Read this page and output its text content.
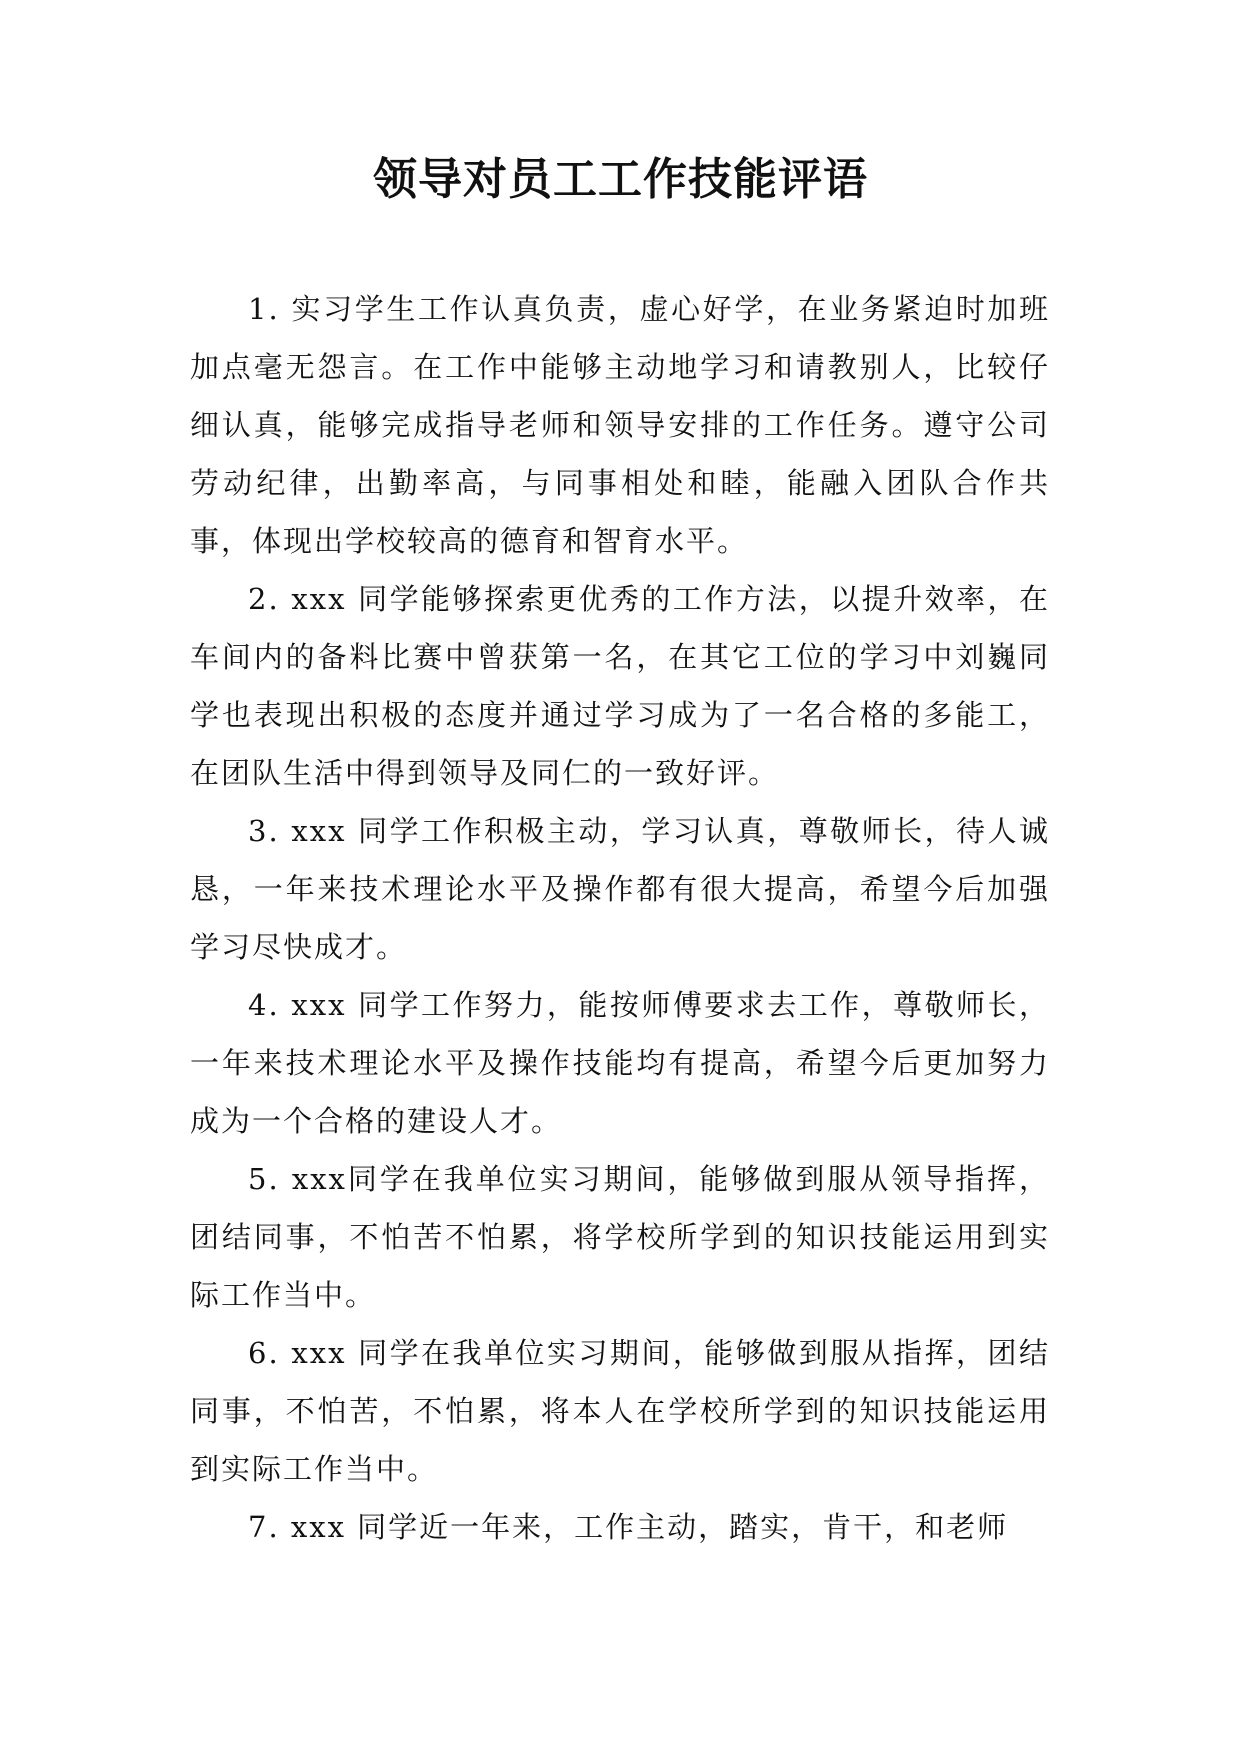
领导对员工工作技能评语

1. 实习学生工作认真负责，虚心好学，在业务紧迫时加班加点毫无怨言。在工作中能够主动地学习和请教别人，比较仔细认真，能够完成指导老师和领导安排的工作任务。遵守公司劳动纪律，出勤率高，与同事相处和睦，能融入团队合作共事，体现出学校较高的德育和智育水平。

2. xxx 同学能够探索更优秀的工作方法，以提升效率，在车间内的备料比赛中曾获第一名，在其它工位的学习中刘巍同学也表现出积极的态度并通过学习成为了一名合格的多能工，在团队生活中得到领导及同仁的一致好评。

3. xxx 同学工作积极主动，学习认真，尊敬师长，待人诚恳，一年来技术理论水平及操作都有很大提高，希望今后加强学习尽快成才。

4. xxx 同学工作努力，能按师傅要求去工作，尊敬师长，一年来技术理论水平及操作技能均有提高，希望今后更加努力成为一个合格的建设人才。

5. xxx同学在我单位实习期间，能够做到服从领导指挥，团结同事，不怕苦不怕累，将学校所学到的知识技能运用到实际工作当中。

6. xxx 同学在我单位实习期间，能够做到服从指挥，团结同事，不怕苦，不怕累，将本人在学校所学到的知识技能运用到实际工作当中。

7. xxx 同学近一年来，工作主动，踏实，肯干，和老师
